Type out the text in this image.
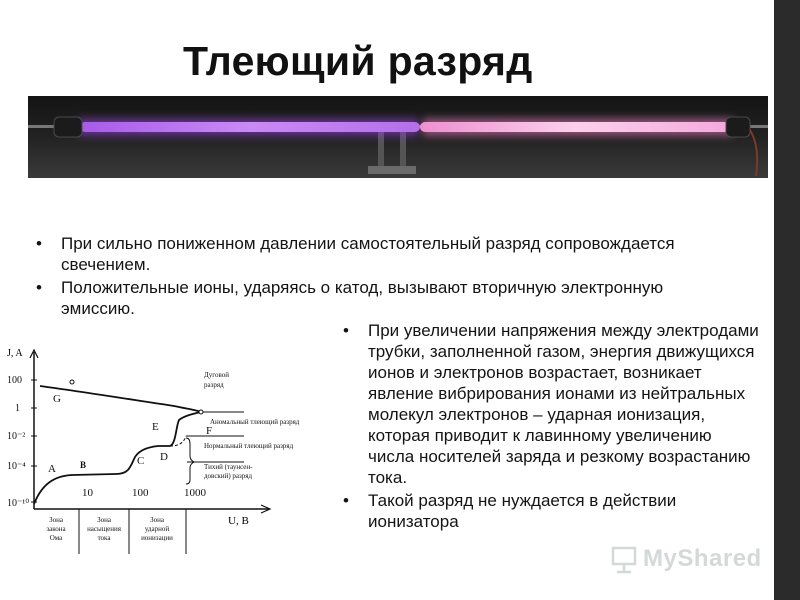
Тлеющий разряд
• При сильно пониженном давлении самостоятельный разряд сопровождается свечением.
• Положительные ионы, ударяясь о катод, вызывают вторичную электронную эмиссию.
• При увеличении напряжения между электродами трубки, заполненной газом, энергия движущихся ионов и электронов возрастает, возникает явление вибрирования ионами из нейтральных молекул электронов – ударная ионизация, которая приводит к лавинному увеличению числа носителей заряда и резкому возрастанию тока.
• Такой разряд не нуждается в действии ионизатора
J, A
U, B
100
1
10⁻²
10⁻⁴
10⁻¹⁰
10	100	1000
A	B	C D
E	F
G
Дуговой
разряд
Аномальный тлеющий разряд
Нормальный тлеющий разряд
Тихий (таунсен-
довский) разряд
Зона
закона
Ома
Зона
насыщения
тока
Зона
ударной
ионизации
MyShared
